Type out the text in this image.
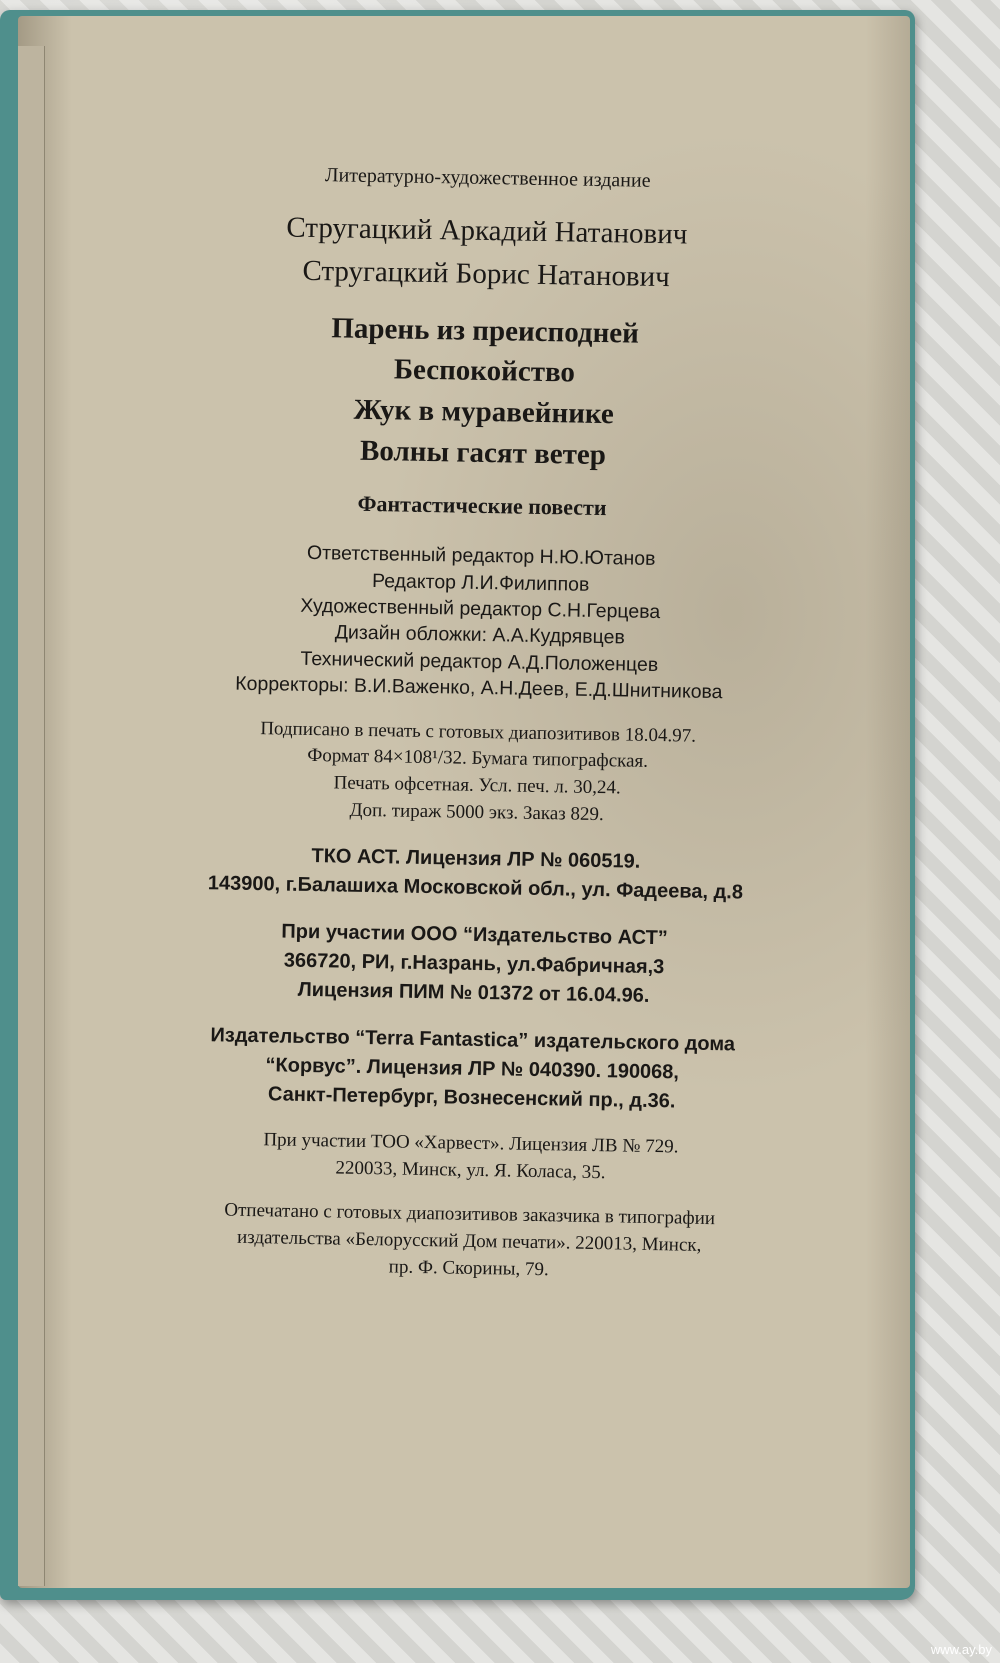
Литературно-художественное издание
Стругацкий Аркадий Натанович
Стругацкий Борис Натанович
Парень из преисподней
Беспокойство
Жук в муравейнике
Волны гасят ветер
Фантастические повести
Ответственный редактор Н.Ю.Ютанов
Редактор Л.И.Филиппов
Художественный редактор С.Н.Герцева
Дизайн обложки: А.А.Кудрявцев
Технический редактор А.Д.Положенцев
Корректоры: В.И.Важенко, А.Н.Деев, Е.Д.Шнитникова
Подписано в печать с готовых диапозитивов 18.04.97.
Формат 84×108¹/32. Бумага типографская.
Печать офсетная. Усл. печ. л. 30,24.
Доп. тираж 5000 экз. Заказ 829.
ТКО АСТ. Лицензия ЛР № 060519.
143900, г.Балашиха Московской обл., ул. Фадеева, д.8
При участии ООО “Издательство АСТ”
366720, РИ, г.Назрань, ул.Фабричная,3
Лицензия ПИМ № 01372 от 16.04.96.
Издательство “Terra Fantastica” издательского дома
“Корвус”. Лицензия ЛР № 040390. 190068,
Санкт-Петербург, Вознесенский пр., д.36.
При участии ТОО «Харвест». Лицензия ЛВ № 729.
220033, Минск, ул. Я. Коласа, 35.
Отпечатано с готовых диапозитивов заказчика в типографии
издательства «Белорусский Дом печати». 220013, Минск,
пр. Ф. Скорины, 79.
www.ay.by
